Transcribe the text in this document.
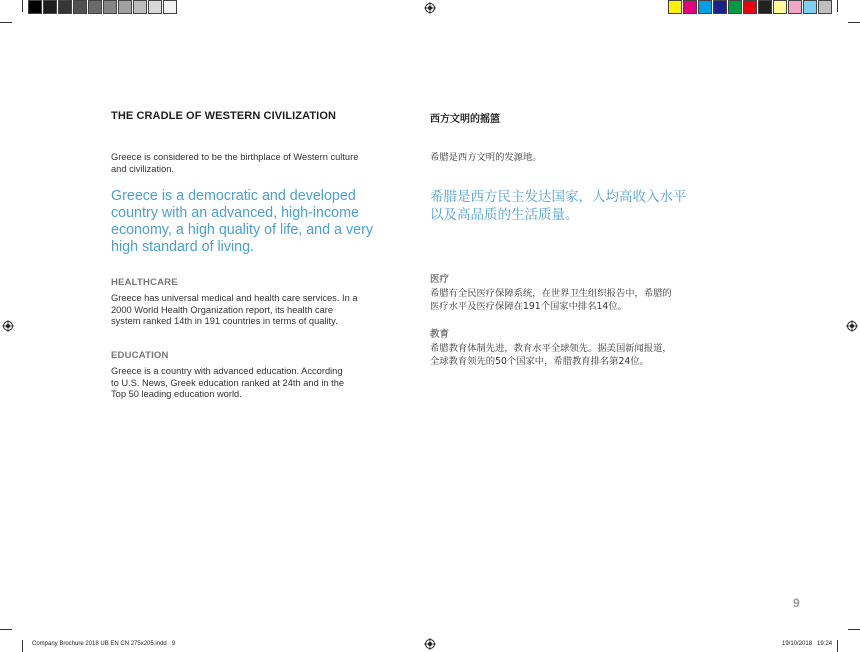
THE CRADLE OF WESTERN CIVILIZATION
Greece is considered to be the birthplace of Western culture and civilization.
Greece is a democratic and developed country with an advanced, high-income economy, a high quality of life, and a very high standard of living.
HEALTHCARE
Greece has universal medical and health care services. In a 2000 World Health Organization report, its health care system ranked 14th in 191 countries in terms of quality.
EDUCATION
Greece is a country with advanced education. According to U.S. News, Greek education ranked at 24th and in the Top 50 leading education world.
西方文明的摇篮
希腊是西方文明的发源地。
希腊是西方民主发达国家，人均高收入水平以及高品质的生活质量。
医疗
希腊有全民医疗保障系统，在世界卫生组织报告中，希腊的医疗水平及医疗保障在191个国家中排名14位。
教育
希腊教育体制先进，教育水平全球领先。据美国新闻报道，全球教育领先的50个国家中，希腊教育排名第24位。
9
Company Brochure 2018 UB EN CN 275x205.indd   9	19/10/2018   19:24
